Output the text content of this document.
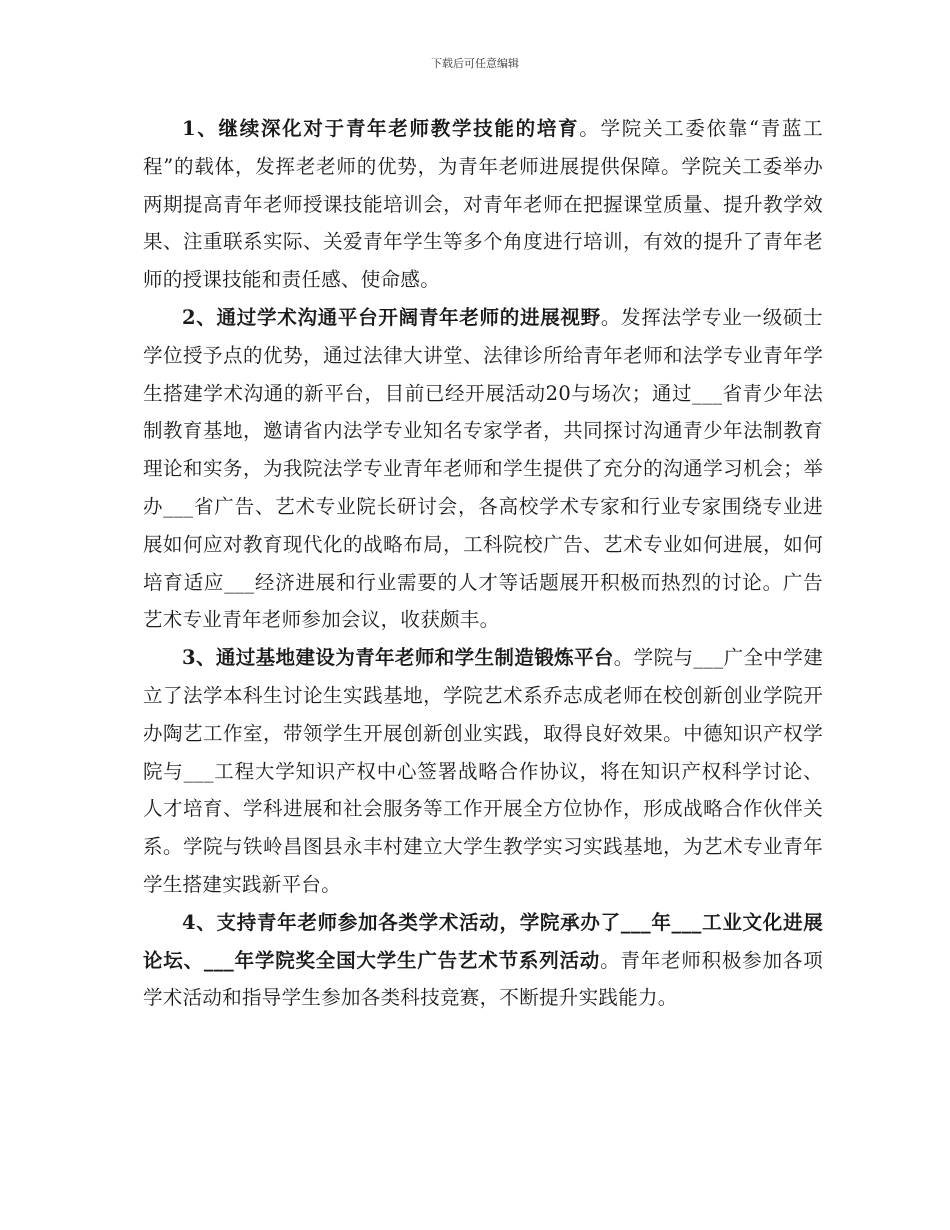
下载后可任意编辑

1、继续深化对于青年老师教学技能的培育。学院关工委依靠“青蓝工程”的载体，发挥老老师的优势，为青年老师进展提供保障。学院关工委举办两期提高青年老师授课技能培训会，对青年老师在把握课堂质量、提升教学效果、注重联系实际、关爱青年学生等多个角度进行培训，有效的提升了青年老师的授课技能和责任感、使命感。

2、通过学术沟通平台开阔青年老师的进展视野。发挥法学专业一级硕士学位授予点的优势，通过法律大讲堂、法律诊所给青年老师和法学专业青年学生搭建学术沟通的新平台，目前已经开展活动20与场次；通过___省青少年法制教育基地，邀请省内法学专业知名专家学者，共同探讨沟通青少年法制教育理论和实务，为我院法学专业青年老师和学生提供了充分的沟通学习机会；举办___省广告、艺术专业院长研讨会，各高校学术专家和行业专家围绕专业进展如何应对教育现代化的战略布局，工科院校广告、艺术专业如何进展，如何培育适应___经济进展和行业需要的人才等话题展开积极而热烈的讨论。广告艺术专业青年老师参加会议，收获颇丰。

3、通过基地建设为青年老师和学生制造锻炼平台。学院与___广全中学建立了法学本科生讨论生实践基地，学院艺术系乔志成老师在校创新创业学院开办陶艺工作室，带领学生开展创新创业实践，取得良好效果。中德知识产权学院与___工程大学知识产权中心签署战略合作协议，将在知识产权科学讨论、人才培育、学科进展和社会服务等工作开展全方位协作，形成战略合作伙伴关系。学院与铁岭昌图县永丰村建立大学生教学实习实践基地，为艺术专业青年学生搭建实践新平台。

4、支持青年老师参加各类学术活动，学院承办了___年___工业文化进展论坛、___年学院奖全国大学生广告艺术节系列活动。青年老师积极参加各项学术活动和指导学生参加各类科技竞赛，不断提升实践能力。
